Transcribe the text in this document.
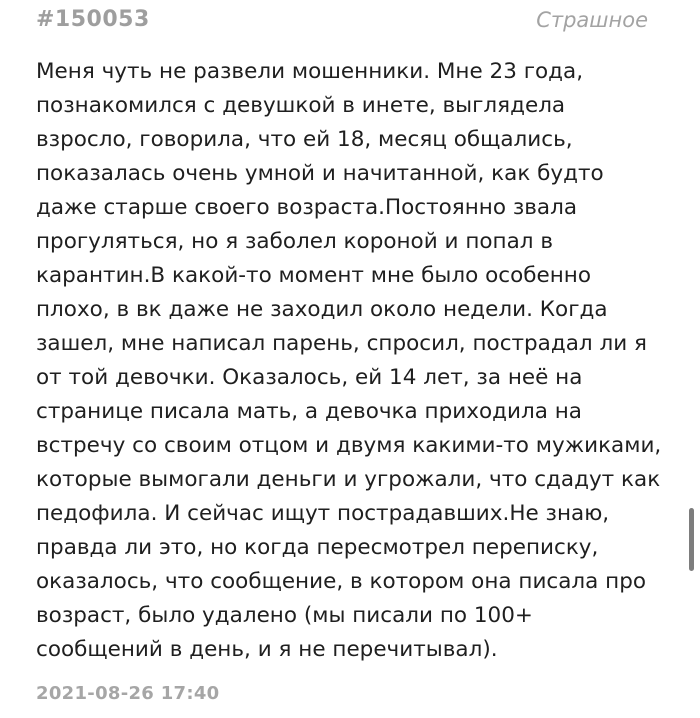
#150053	Страшное
Меня чуть не развели мошенники. Мне 23 года,
познакомился с девушкой в инете, выглядела
взросло, говорила, что ей 18, месяц общались,
показалась очень умной и начитанной, как будто
даже старше своего возраста.Постоянно звала
прогуляться, но я заболел короной и попал в
карантин.В какой-то момент мне было особенно
плохо, в вк даже не заходил около недели. Когда
зашел, мне написал парень, спросил, пострадал ли я
от той девочки. Оказалось, ей 14 лет, за неё на
странице писала мать, а девочка приходила на
встречу со своим отцом и двумя какими-то мужиками,
которые вымогали деньги и угрожали, что сдадут как
педофила. И сейчас ищут пострадавших.Не знаю,
правда ли это, но когда пересмотрел переписку,
оказалось, что сообщение, в котором она писала про
возраст, было удалено (мы писали по 100+
сообщений в день, и я не перечитывал).
2021-08-26 17:40
